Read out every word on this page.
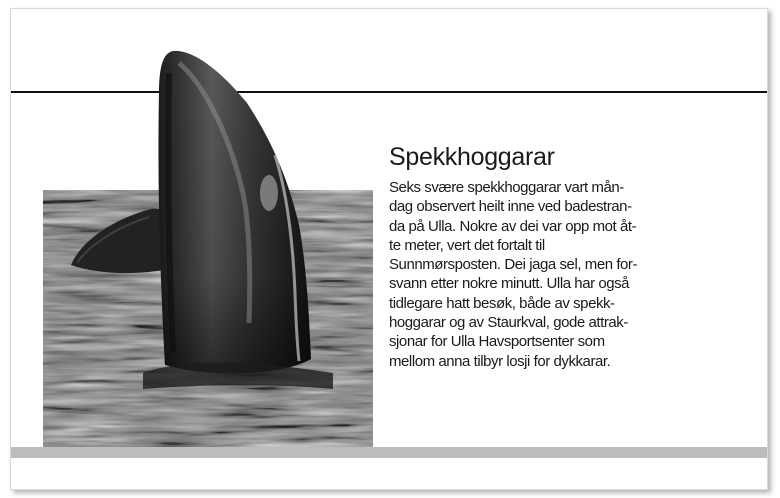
Spekkhoggarar
Seks svære spekkhoggarar vart mån-
dag observert heilt inne ved badestran-
da på Ulla. Nokre av dei var opp mot åt-
te meter, vert det fortalt til
Sunnmørsposten. Dei jaga sel, men for-
svann etter nokre minutt. Ulla har også
tidlegare hatt besøk, både av spekk-
hoggarar og av Staurkval, gode attrak-
sjonar for Ulla Havsportsenter som
mellom anna tilbyr losji for dykkarar.
